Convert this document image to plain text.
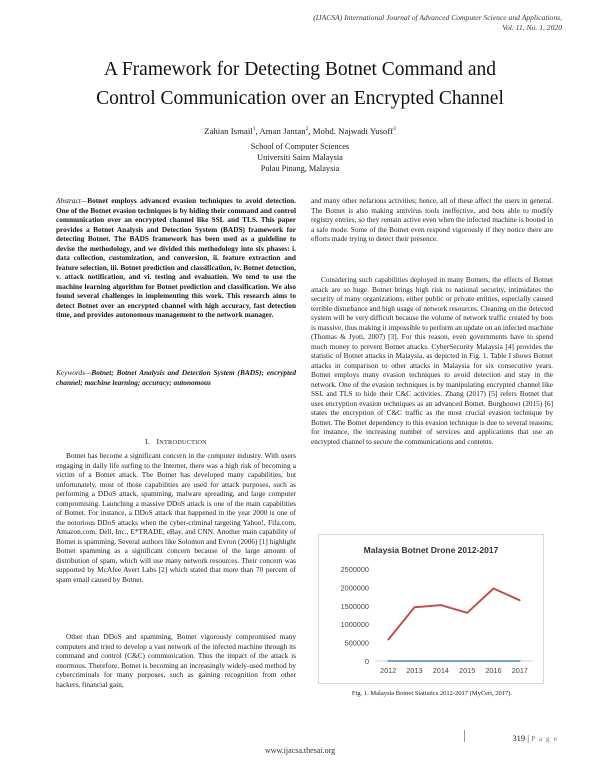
(IJACSA) International Journal of Advanced Computer Science and Applications,
Vol. 11, No. 1, 2020
A Framework for Detecting Botnet Command and
Control Communication over an Encrypted Channel
Zahian Ismail$^1$, Aman Jantan$^2$, Mohd. Najwadi Yusoff$^3$
School of Computer Sciences
Universiti Sains Malaysia
Pulau Pinang, Malaysia

Abstract—Botnet employs advanced evasion techniques to avoid detection. One of the Botnet evasion techniques is by hiding their command and control communication over an encrypted channel like SSL and TLS. This paper provides a Botnet Analysis and Detection System (BADS) framework for detecting Botnet. The BADS framework has been used as a guideline to devise the methodology, and we divided this methodology into six phases: i. data collection, customization, and conversion, ii. feature extraction and feature selection, iii. Botnet prediction and classification, iv. Botnet detection, v. attack notification, and vi. testing and evaluation. We tend to use the machine learning algorithm for Botnet prediction and classification. We also found several challenges in implementing this work. This research aims to detect Botnet over an encrypted channel with high accuracy, fast detection time, and provides autonomous management to the network manager.

Keywords—Botnet; Botnet Analysis and Detection System (BADS); encrypted channel; machine learning; accuracy; autonomous

I. INTRODUCTION

Botnet has become a significant concern in the computer industry. With users engaging in daily life surfing to the Internet, there was a high risk of becoming a victim of a Botnet attack. The Botnet has developed many capabilities, but unfortunately, most of those capabilities are used for attack purposes, such as performing a DDoS attack, spamming, malware spreading, and large computer compromising. Launching a massive DDoS attack is one of the main capabilities of Botnet. For instance, a DDoS attack that happened in the year 2000 is one of the notorious DDoS attacks when the cyber-criminal targeting Yahoo!, Fifa.com, Amazon.com, Dell, Inc., E*TRADE, eBay, and CNN. Another main capability of Botnet is spamming. Several authors like Solomon and Evron (2006) [1] highlight Botnet spamming as a significant concern because of the large amount of distribution of spam, which will use many network resources. Their concern was supported by McAfee Avert Labs [2] which stated that more than 70 percent of spam email caused by Botnet.

Other than DDoS and spamming, Botnet vigorously compromised many computers and tried to develop a vast network of the infected machine through its command and control (C&C) communication. Thus the impact of the attack is enormous. Therefore, Botnet is becoming an increasingly widely-used method by cybercriminals for many purposes, such as gaining recognition from other hackers, financial gain,

and many other nefarious activities; hence, all of these affect the users in general. The Botnet is also making antivirus tools ineffective, and bots able to modify registry entries, so they remain active even when the infected machine is booted in a safe mode. Some of the Botnet even respond vigorously if they notice there are efforts made trying to detect their presence.

Considering such capabilities deployed in many Botnets, the effects of Botnet attack are so huge. Botnet brings high risk to national security, intimidates the security of many organizations, either public or private entities, especially caused terrible disturbance and high usage of network resources. Cleaning on the detected system will be very difficult because the volume of network traffic created by bots is massive, thus making it impossible to perform an update on an infected machine (Thomas & Jyoti, 2007) [3]. For this reason, even governments have to spend much money to prevent Botnet attacks. CyberSecurity Malaysia [4] provides the statistic of Botnet attacks in Malaysia, as depicted in Fig. 1. Table I shows Botnet attacks in comparison to other attacks in Malaysia for six consecutive years. Botnet employs many evasion techniques to avoid detection and stay in the network. One of the evasion techniques is by manipulating encrypted channel like SSL and TLS to hide their C&C activities. Zhang (2017) [5] refers Botnet that uses encryption evasion techniques as an advanced Botnet. Burghouwt (2015) [6] states the encryption of C&C traffic as the most crucial evasion technique by Botnet. The Botnet dependency to this evasion technique is due to several reasons; for instance, the increasing number of services and applications that use an encrypted channel to secure the communications and contents.

Malaysia Botnet Drone 2012-2017
2500000
2000000
1500000
1000000
500000
0
2012 2013 2014 2015 2016 2017
Fig. 1. Malaysia Botnet Statistics 2012-2017 (MyCert, 2017).
319 | P a g e
www.ijacsa.thesai.org
